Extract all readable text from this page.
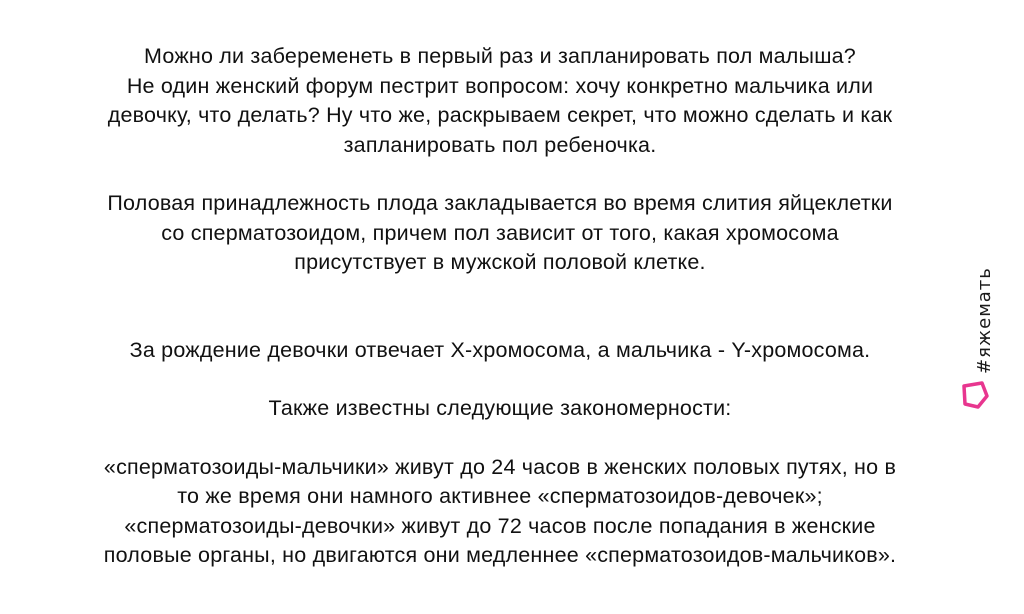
Можно ли забеременеть в первый раз и запланировать пол малыша?
Не один женский форум пестрит вопросом: хочу конкретно мальчика или
девочку, что делать? Ну что же, раскрываем секрет, что можно сделать и как
запланировать пол ребеночка.

Половая принадлежность плода закладывается во время слития яйцеклетки
со сперматозоидом, причем пол зависит от того, какая хромосома
присутствует в мужской половой клетке.

За рождение девочки отвечает Х-хромосома, а мальчика - Y-хромосома.

Также известны следующие закономерности:

«сперматозоиды-мальчики» живут до 24 часов в женских половых путях, но в
то же время они намного активнее «сперматозоидов-девочек»;
«сперматозоиды-девочки» живут до 72 часов после попадания в женские
половые органы, но двигаются они медленнее «сперматозоидов-мальчиков».

#яжемать
